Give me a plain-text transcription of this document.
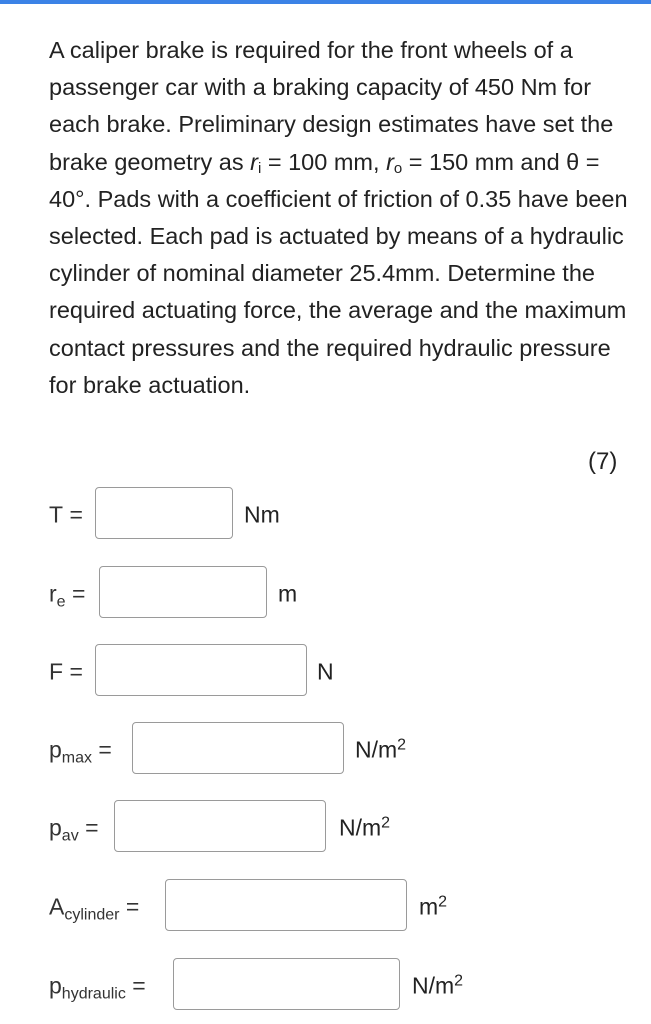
A caliper brake is required for the front wheels of a passenger car with a braking capacity of 450 Nm for each brake. Preliminary design estimates have set the brake geometry as $r_i = 100$ mm, $r_o = 150$ mm and θ = 40°. Pads with a coefficient of friction of 0.35 have been selected. Each pad is actuated by means of a hydraulic cylinder of nominal diameter 25.4mm. Determine the required actuating force, the average and the maximum contact pressures and the required hydraulic pressure for brake actuation.

(7)
T =	Nm
$r_e$ =	m
F =	N
$p_{max}$ =	$N/m^2$
$p_{av}$ =	$N/m^2$
$A_{cylinder}$ =	$m^2$
$p_{hydraulic}$ =	$N/m^2$
